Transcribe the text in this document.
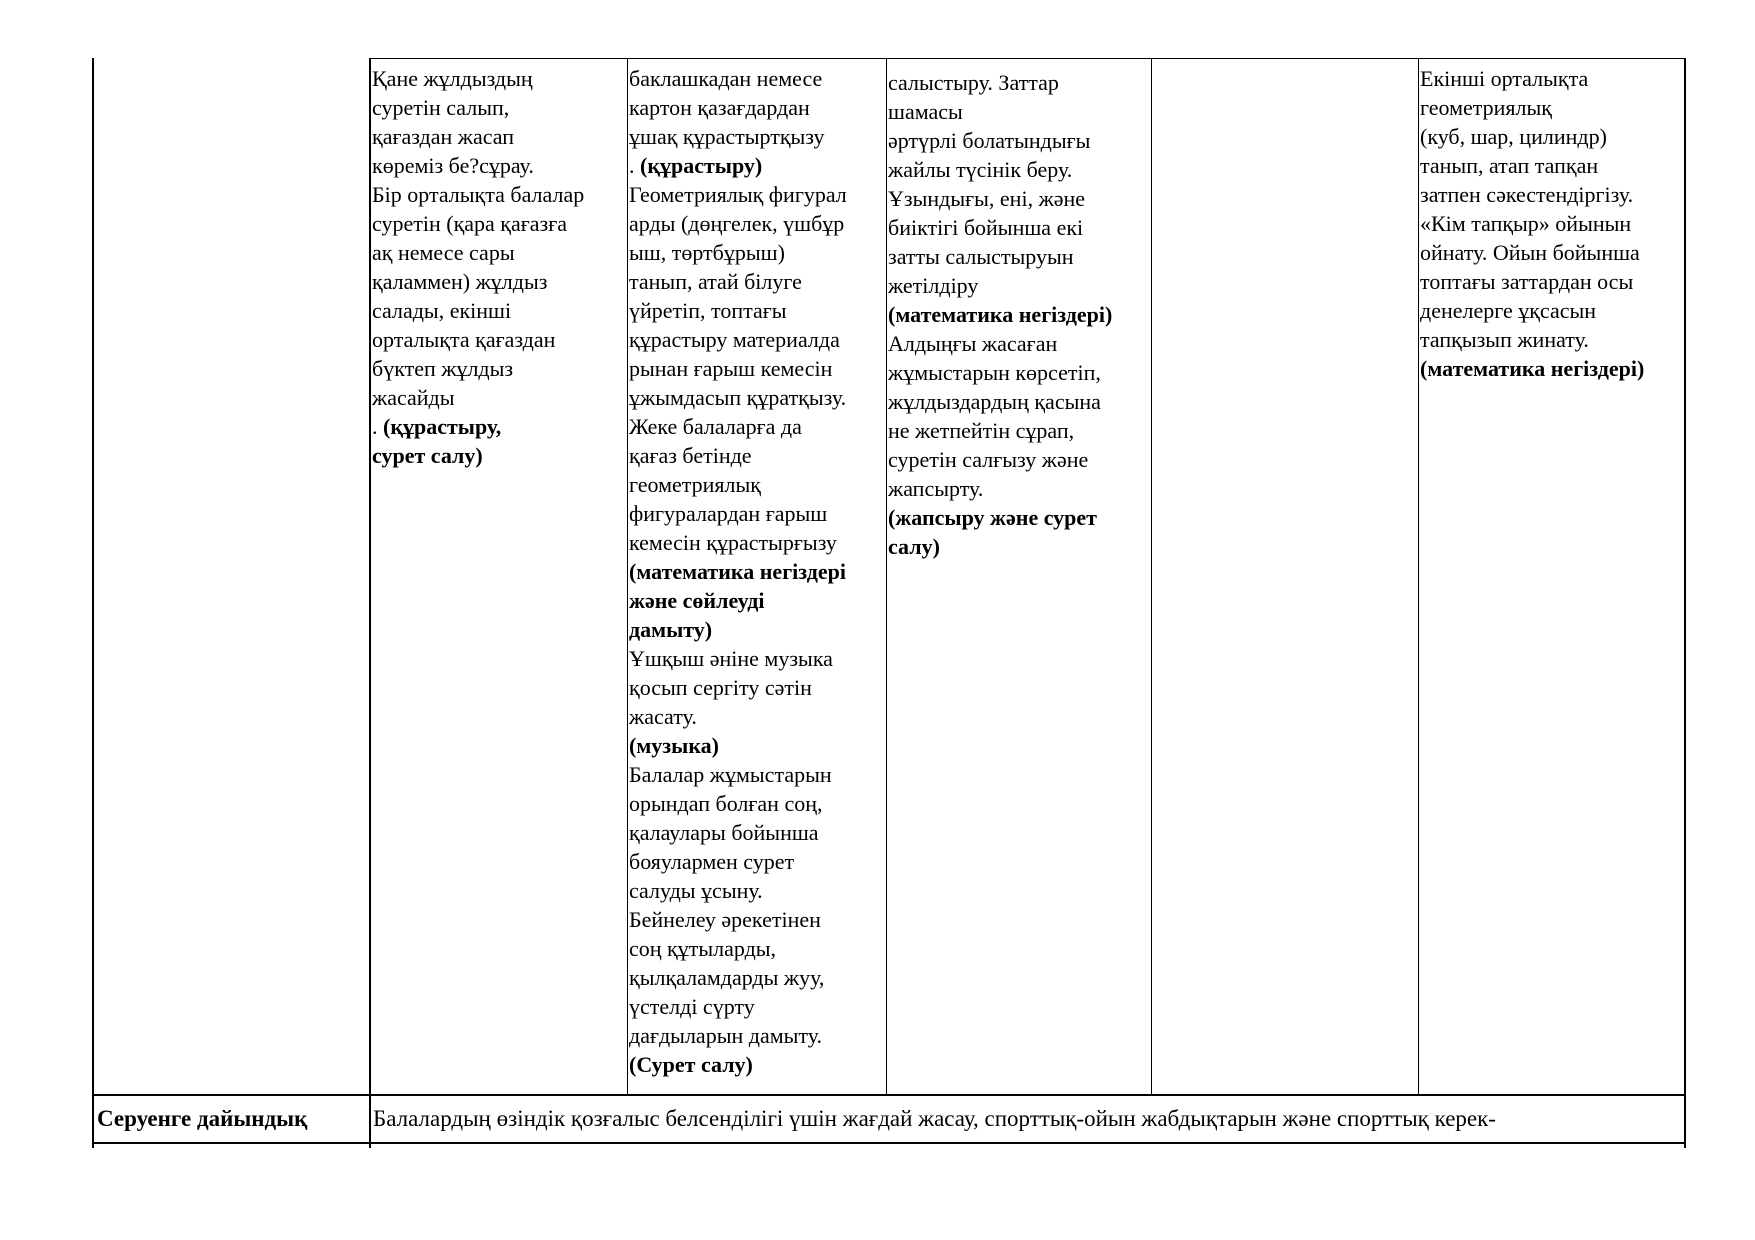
Қане жұлдыздың
суретін салып,
қағаздан жасап
көреміз бе?сұрау.
Бір орталықта балалар
суретін (қара қағазға
ақ немесе сары
қаламмен) жұлдыз
салады, екінші
орталықта қағаздан
бүктеп жұлдыз
жасайды
. (құрастыру,
сурет салу)
баклашкадан немесе
картон қазағдардан
ұшақ құрастыртқызу
. (құрастыру)
Геометриялық фигурал
арды (дөңгелек, үшбұр
ыш, төртбұрыш)
танып, атай білуге
үйретіп, топтағы
құрастыру материалда
рынан ғарыш кемесін
ұжымдасып құратқызу.
Жеке балаларға да
қағаз бетінде
геометриялық
фигуралардан ғарыш
кемесін құрастырғызу
(математика негіздері
және сөйлеуді
дамыту)
Ұшқыш әніне музыка
қосып сергіту сәтін
жасату.
(музыка)
Балалар жұмыстарын
орындап болған соң,
қалаулары бойынша
бояулармен сурет
салуды ұсыну.
Бейнелеу әрекетінен
соң құтыларды,
қылқаламдарды жуу,
үстелді сүрту
дағдыларын дамыту.
(Сурет салу)
салыстыру. Заттар
шамасы
әртүрлі болатындығы
жайлы түсінік беру.
Ұзындығы, ені, және
биіктігі бойынша екі
затты салыстыруын
жетілдіру
(математика негіздері)
Алдыңғы жасаған
жұмыстарын көрсетіп,
жұлдыздардың қасына
не жетпейтін сұрап,
суретін салғызу және
жапсырту.
(жапсыру және сурет
салу)
Екінші орталықта
геометриялық
(куб, шар, цилиндр)
танып, атап тапқан
затпен сәкестендіргізу.
«Кім тапқыр» ойынын
ойнату. Ойын бойынша
топтағы заттардан осы
денелерге ұқсасын
тапқызып жинату.
(математика негіздері)
Серуенге дайындық	Балалардың өзіндік қозғалыс белсенділігі үшін жағдай жасау, спорттық-ойын жабдықтарын және спорттық керек-
